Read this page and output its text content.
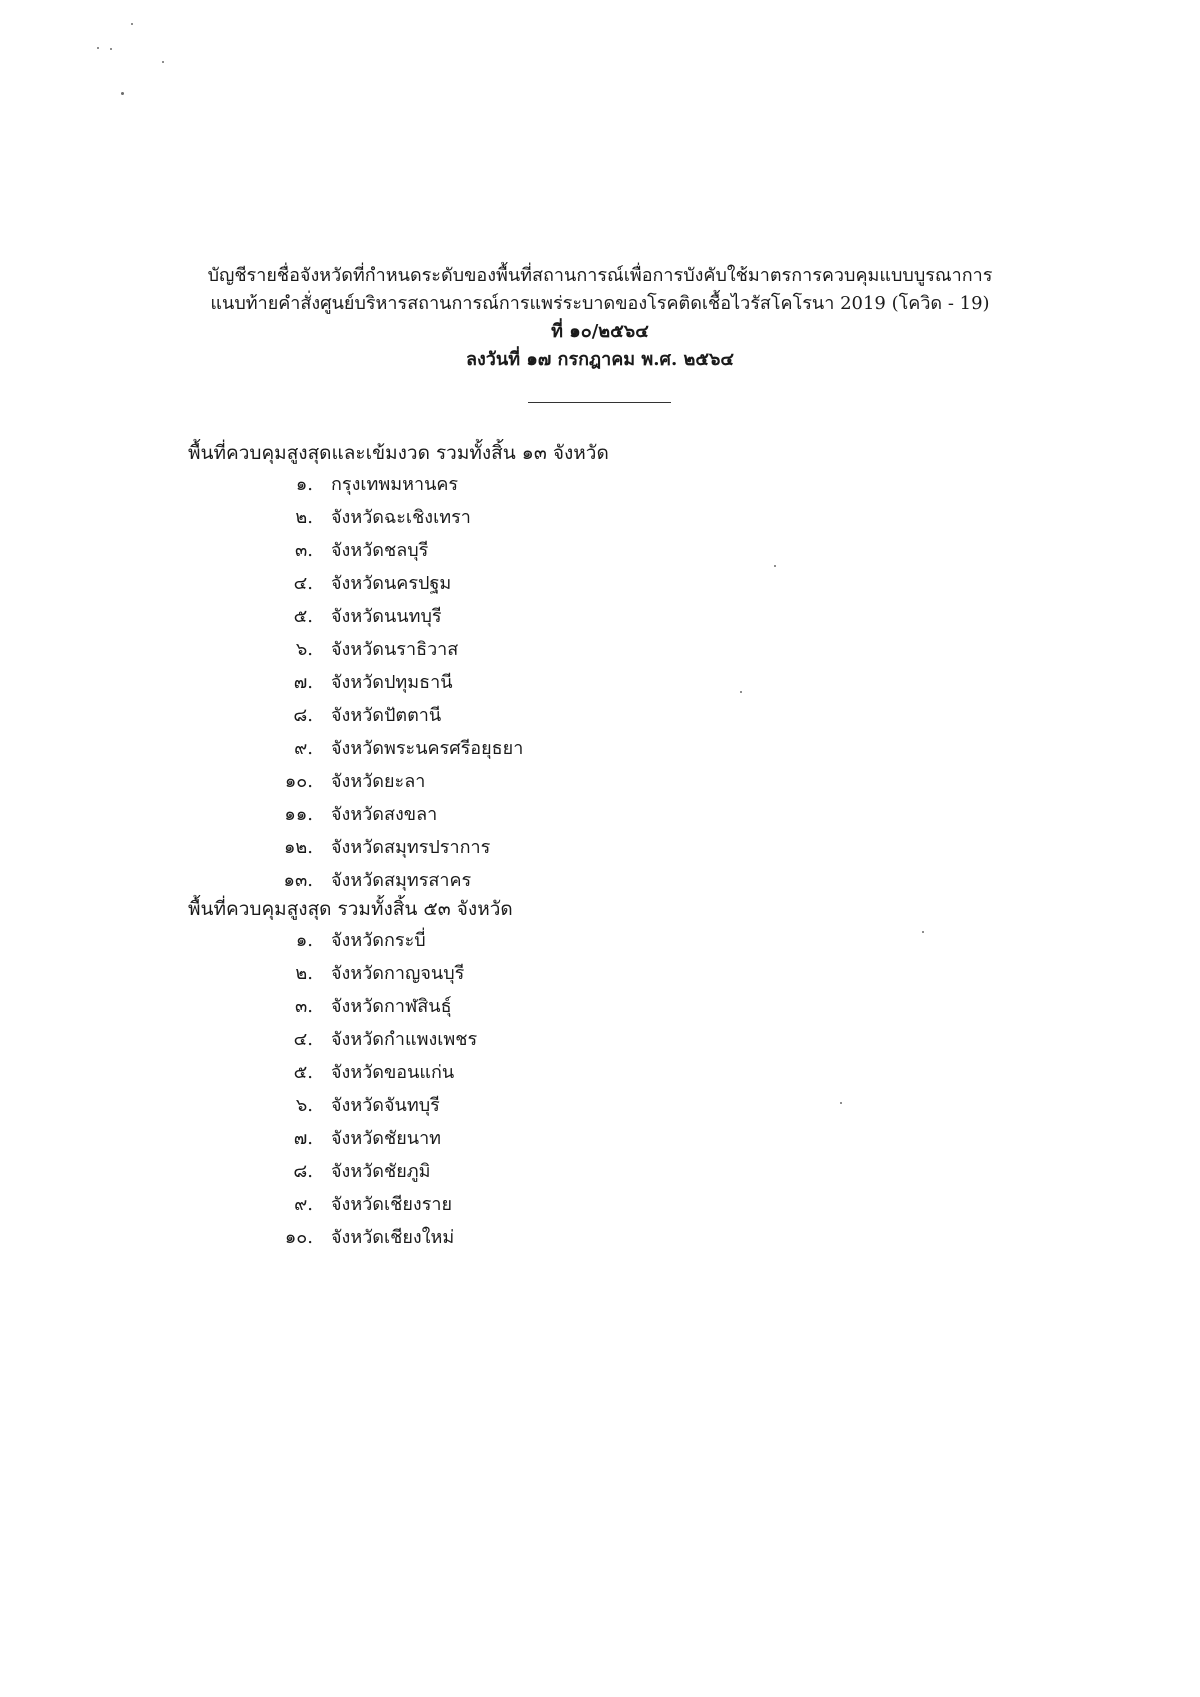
บัญชีรายชื่อจังหวัดที่กำหนดระดับของพื้นที่สถานการณ์เพื่อการบังคับใช้มาตรการควบคุมแบบบูรณาการ
แนบท้ายคำสั่งศูนย์บริหารสถานการณ์การแพร่ระบาดของโรคติดเชื้อไวรัสโคโรนา 2019 (โควิด - 19)
ที่ ๑๐/๒๕๖๔
ลงวันที่ ๑๗ กรกฎาคม พ.ศ. ๒๕๖๔
พื้นที่ควบคุมสูงสุดและเข้มงวด รวมทั้งสิ้น ๑๓ จังหวัด
๑. กรุงเทพมหานคร
๒. จังหวัดฉะเชิงเทรา
๓. จังหวัดชลบุรี
๔. จังหวัดนครปฐม
๕. จังหวัดนนทบุรี
๖. จังหวัดนราธิวาส
๗. จังหวัดปทุมธานี
๘. จังหวัดปัตตานี
๙. จังหวัดพระนครศรีอยุธยา
๑๐. จังหวัดยะลา
๑๑. จังหวัดสงขลา
๑๒. จังหวัดสมุทรปราการ
๑๓. จังหวัดสมุทรสาคร
พื้นที่ควบคุมสูงสุด รวมทั้งสิ้น ๕๓ จังหวัด
๑. จังหวัดกระบี่
๒. จังหวัดกาญจนบุรี
๓. จังหวัดกาฬสินธุ์
๔. จังหวัดกำแพงเพชร
๕. จังหวัดขอนแก่น
๖. จังหวัดจันทบุรี
๗. จังหวัดชัยนาท
๘. จังหวัดชัยภูมิ
๙. จังหวัดเชียงราย
๑๐. จังหวัดเชียงใหม่
